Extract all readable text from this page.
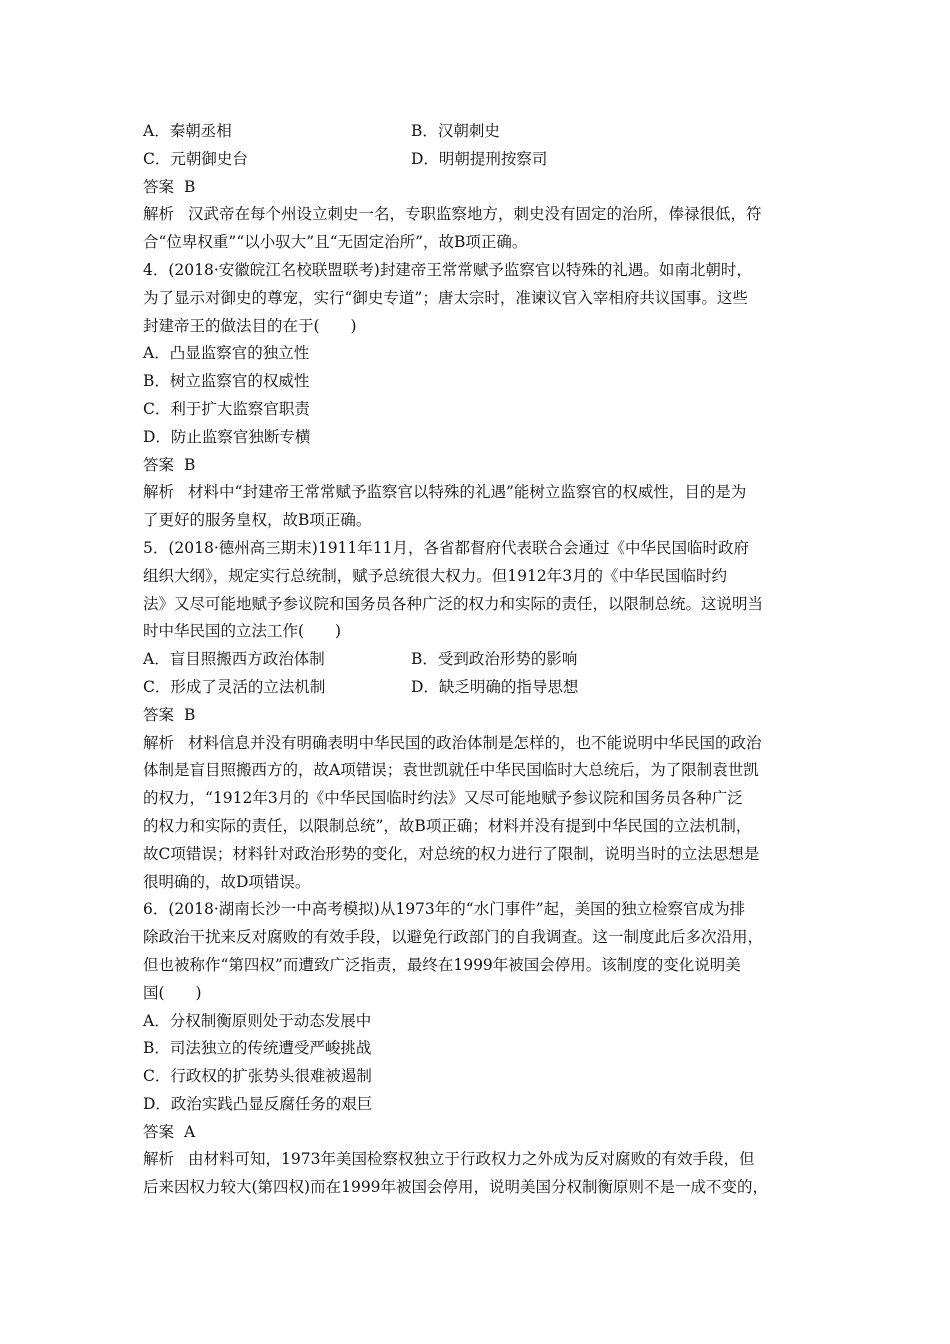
A．秦朝丞相	B．汉朝刺史
C．元朝御史台	D．明朝提刑按察司
答案 B
解析 汉武帝在每个州设立刺史一名，专职监察地方，刺史没有固定的治所，俸禄很低，符
合“位卑权重”“以小驭大”且“无固定治所”，故B项正确。
4．(2018·安徽皖江名校联盟联考)封建帝王常常赋予监察官以特殊的礼遇。如南北朝时，
为了显示对御史的尊宠，实行“御史专道”；唐太宗时，准谏议官入宰相府共议国事。这些
封建帝王的做法目的在于(　　)
A．凸显监察官的独立性
B．树立监察官的权威性
C．利于扩大监察官职责
D．防止监察官独断专横
答案 B
解析 材料中“封建帝王常常赋予监察官以特殊的礼遇”能树立监察官的权威性，目的是为
了更好的服务皇权，故B项正确。
5．(2018·德州高三期末)1911年11月，各省都督府代表联合会通过《中华民国临时政府
组织大纲》，规定实行总统制，赋予总统很大权力。但1912年3月的《中华民国临时约
法》又尽可能地赋予参议院和国务员各种广泛的权力和实际的责任，以限制总统。这说明当
时中华民国的立法工作(　　)
A．盲目照搬西方政治体制	B．受到政治形势的影响
C．形成了灵活的立法机制	D．缺乏明确的指导思想
答案 B
解析 材料信息并没有明确表明中华民国的政治体制是怎样的，也不能说明中华民国的政治
体制是盲目照搬西方的，故A项错误；袁世凯就任中华民国临时大总统后，为了限制袁世凯
的权力，“1912年3月的《中华民国临时约法》又尽可能地赋予参议院和国务员各种广泛
的权力和实际的责任，以限制总统”，故B项正确；材料并没有提到中华民国的立法机制，
故C项错误；材料针对政治形势的变化，对总统的权力进行了限制，说明当时的立法思想是
很明确的，故D项错误。
6．(2018·湖南长沙一中高考模拟)从1973年的“水门事件”起，美国的独立检察官成为排
除政治干扰来反对腐败的有效手段，以避免行政部门的自我调查。这一制度此后多次沿用，
但也被称作“第四权”而遭致广泛指责，最终在1999年被国会停用。该制度的变化说明美
国(　　)
A．分权制衡原则处于动态发展中
B．司法独立的传统遭受严峻挑战
C．行政权的扩张势头很难被遏制
D．政治实践凸显反腐任务的艰巨
答案 A
解析 由材料可知，1973年美国检察权独立于行政权力之外成为反对腐败的有效手段，但
后来因权力较大(第四权)而在1999年被国会停用，说明美国分权制衡原则不是一成不变的，
